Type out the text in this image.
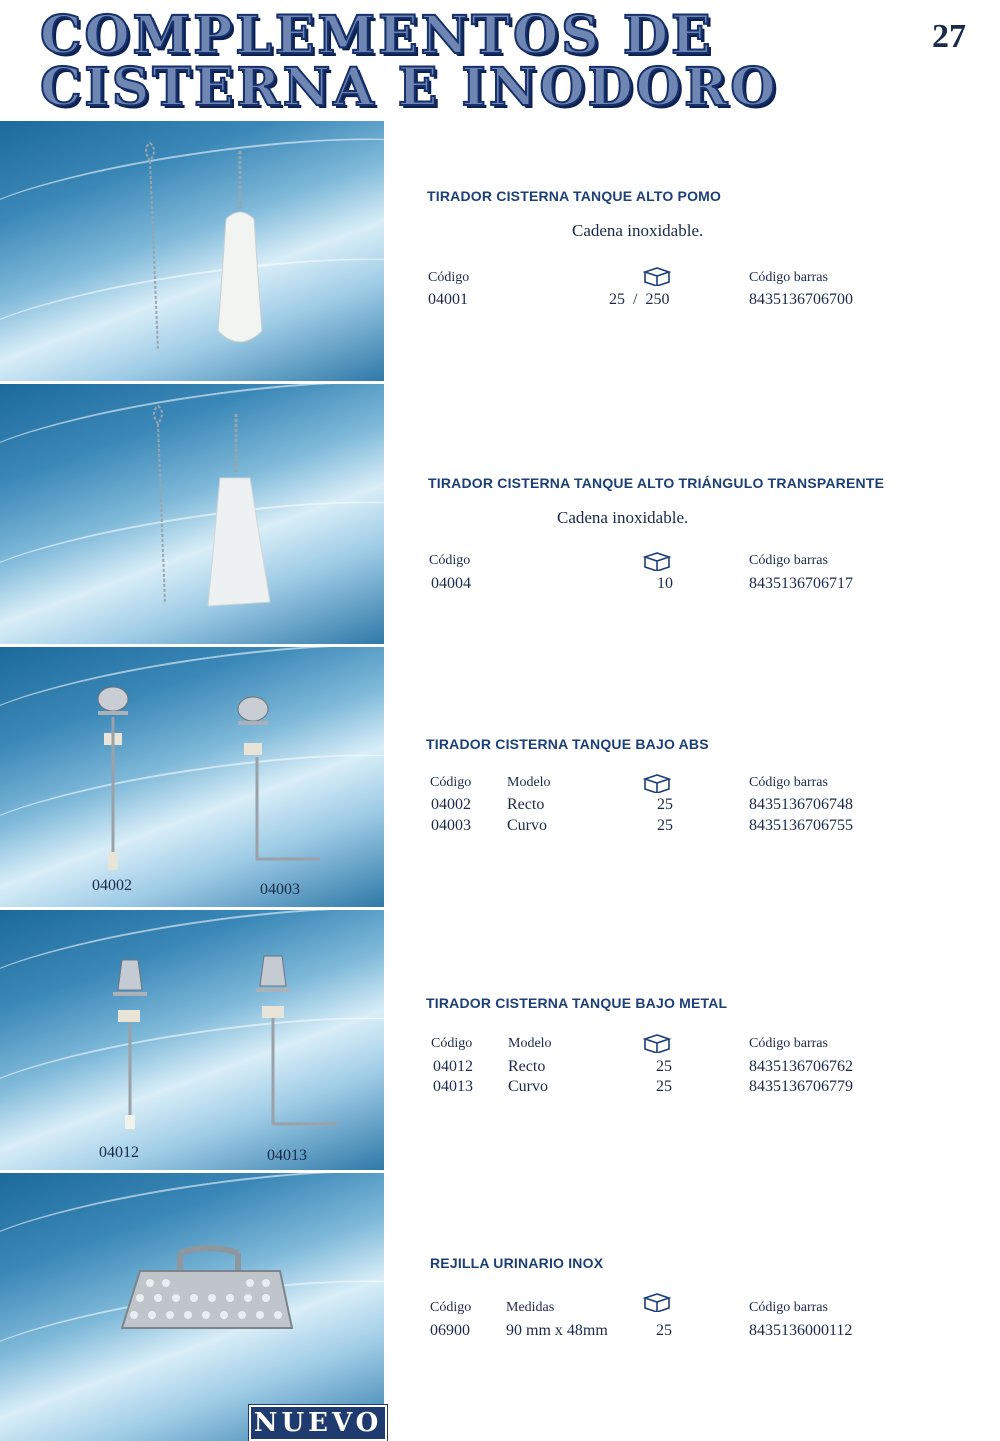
COMPLEMENTOS DE
CISTERNA E INODORO
27
TIRADOR CISTERNA TANQUE ALTO POMO
Cadena inoxidable.
Código	Código barras
04001	25  /  250	8435136706700
TIRADOR CISTERNA TANQUE ALTO TRIÁNGULO TRANSPARENTE
Cadena inoxidable.
Código	Código barras
04004	10	8435136706717
04002	04003
TIRADOR CISTERNA TANQUE BAJO ABS
Código	Modelo	Código barras
04002 Recto	25	8435136706748
04003 Curvo	25	8435136706755
04012	04013
TIRADOR CISTERNA TANQUE BAJO METAL
Código	Modelo	Código barras
04012 Recto	25	8435136706762
04013 Curvo	25	8435136706779
NUEVO
REJILLA URINARIO INOX
Código Medidas	Código barras
06900 90 mm x 48mm	25	8435136000112
